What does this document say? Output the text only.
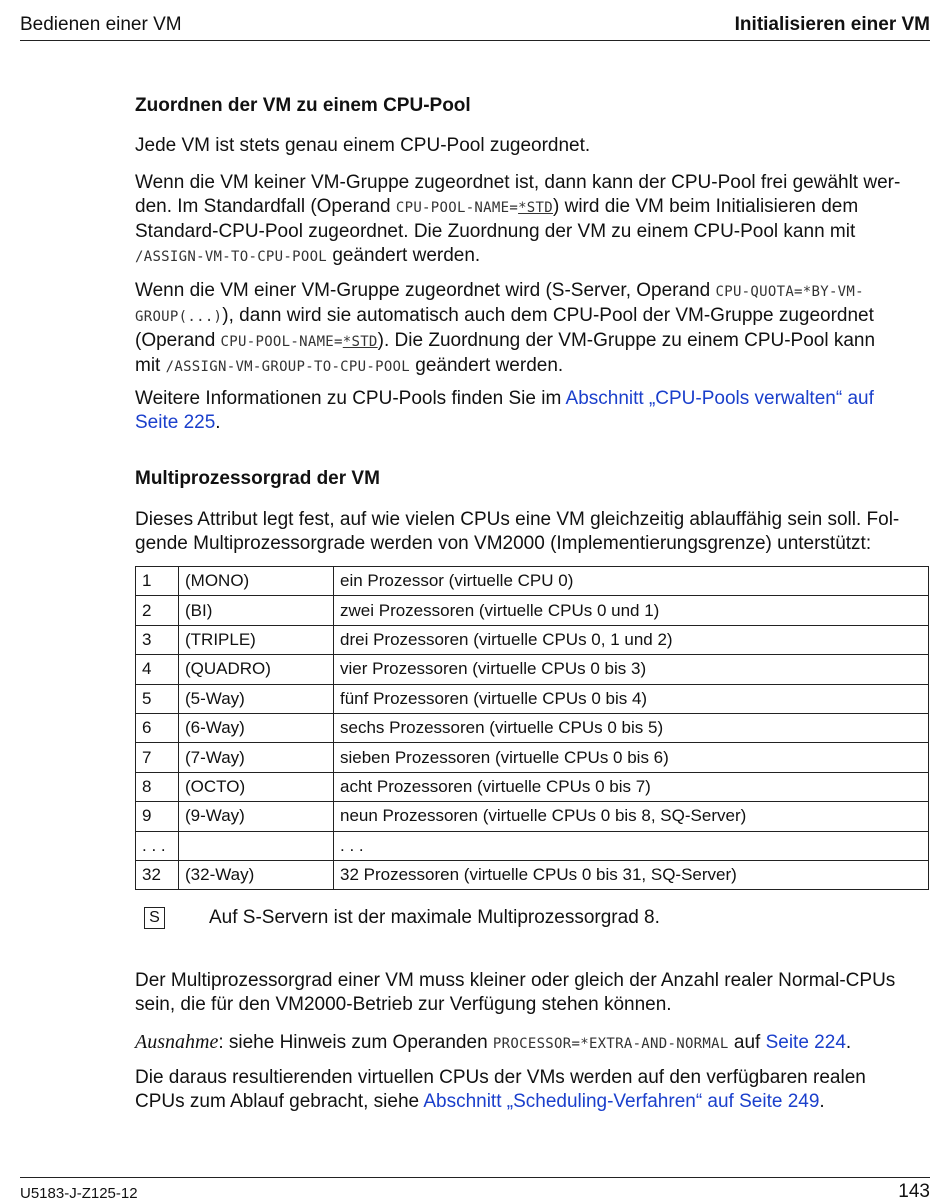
Bedienen einer VM	Initialisieren einer VM
Zuordnen der VM zu einem CPU-Pool

Jede VM ist stets genau einem CPU-Pool zugeordnet.

Wenn die VM keiner VM-Gruppe zugeordnet ist, dann kann der CPU-Pool frei gewählt wer-
den. Im Standardfall (Operand CPU-POOL-NAME=*STD) wird die VM beim Initialisieren dem
Standard-CPU-Pool zugeordnet. Die Zuordnung der VM zu einem CPU-Pool kann mit
/ASSIGN-VM-TO-CPU-POOL geändert werden.

Wenn die VM einer VM-Gruppe zugeordnet wird (S-Server, Operand CPU-QUOTA=*BY-VM-
GROUP(...)), dann wird sie automatisch auch dem CPU-Pool der VM-Gruppe zugeordnet
(Operand CPU-POOL-NAME=*STD). Die Zuordnung der VM-Gruppe zu einem CPU-Pool kann
mit /ASSIGN-VM-GROUP-TO-CPU-POOL geändert werden.

Weitere Informationen zu CPU-Pools finden Sie im Abschnitt „CPU-Pools verwalten“ auf
Seite 225.

Multiprozessorgrad der VM

Dieses Attribut legt fest, auf wie vielen CPUs eine VM gleichzeitig ablauffähig sein soll. Fol-
gende Multiprozessorgrade werden von VM2000 (Implementierungsgrenze) unterstützt:

1	(MONO)	ein Prozessor (virtuelle CPU 0)
2	(BI)	zwei Prozessoren (virtuelle CPUs 0 und 1)
3	(TRIPLE)	drei Prozessoren (virtuelle CPUs 0, 1 und 2)
4	(QUADRO)	vier Prozessoren (virtuelle CPUs 0 bis 3)
5	(5-Way)	fünf Prozessoren (virtuelle CPUs 0 bis 4)
6	(6-Way)	sechs Prozessoren (virtuelle CPUs 0 bis 5)
7	(7-Way)	sieben Prozessoren (virtuelle CPUs 0 bis 6)
8	(OCTO)	acht Prozessoren (virtuelle CPUs 0 bis 7)
9	(9-Way)	neun Prozessoren (virtuelle CPUs 0 bis 8, SQ-Server)
. . .		. . .
32	(32-Way)	32 Prozessoren (virtuelle CPUs 0 bis 31, SQ-Server)
S	Auf S-Servern ist der maximale Multiprozessorgrad 8.

Der Multiprozessorgrad einer VM muss kleiner oder gleich der Anzahl realer Normal-CPUs
sein, die für den VM2000-Betrieb zur Verfügung stehen können.

Ausnahme: siehe Hinweis zum Operanden PROCESSOR=*EXTRA-AND-NORMAL auf Seite 224.

Die daraus resultierenden virtuellen CPUs der VMs werden auf den verfügbaren realen
CPUs zum Ablauf gebracht, siehe Abschnitt „Scheduling-Verfahren“ auf Seite 249.

U5183-J-Z125-12	143
